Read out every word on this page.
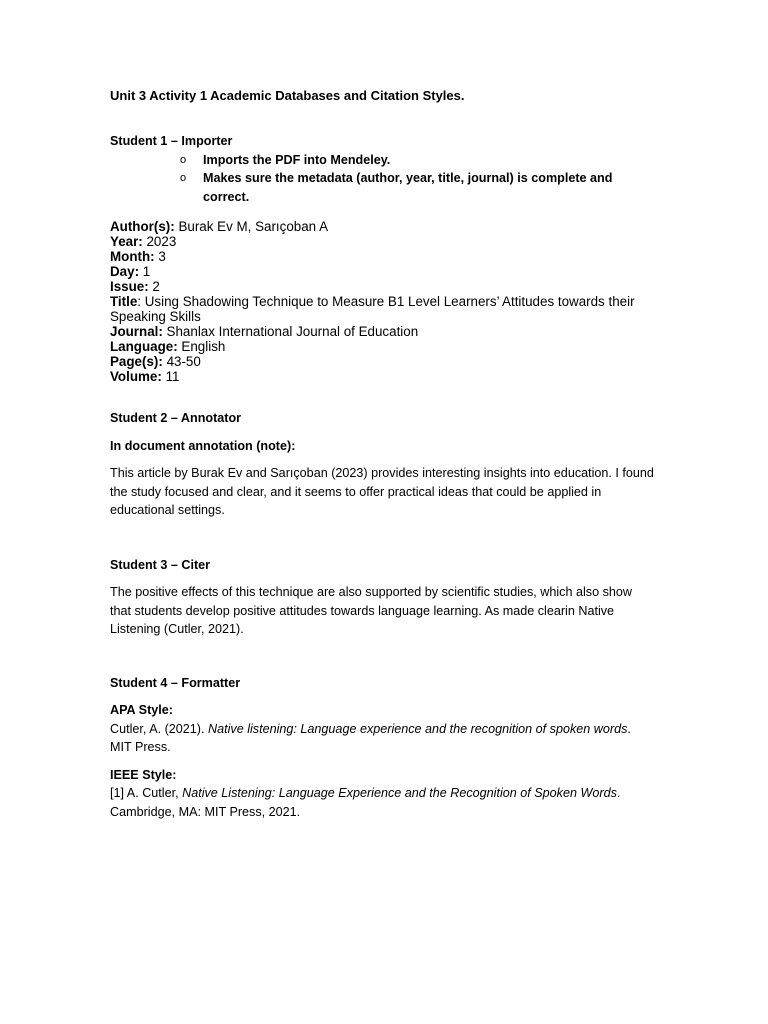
Unit 3 Activity 1 Academic Databases and Citation Styles.

Student 1 – Importer

o Imports the PDF into Mendeley.
o Makes sure the metadata (author, year, title, journal) is complete and correct.

Author(s): Burak Ev M, Sarıçoban A

Year: 2023

Month: 3

Day: 1

Issue: 2

Title: Using Shadowing Technique to Measure B1 Level Learners’ Attitudes towards their Speaking Skills

Journal: Shanlax International Journal of Education

Language: English

Page(s): 43-50

Volume: 11

Student 2 – Annotator

In document annotation (note):

This article by Burak Ev and Sarıçoban (2023) provides interesting insights into education. I found the study focused and clear, and it seems to offer practical ideas that could be applied in educational settings.

Student 3 – Citer

The positive effects of this technique are also supported by scientific studies, which also show that students develop positive attitudes towards language learning. As made clearin Native Listening (Cutler, 2021).

Student 4 – Formatter

APA Style:

Cutler, A. (2021). Native listening: Language experience and the recognition of spoken words. MIT Press.

IEEE Style:

[1] A. Cutler, Native Listening: Language Experience and the Recognition of Spoken Words. Cambridge, MA: MIT Press, 2021.
